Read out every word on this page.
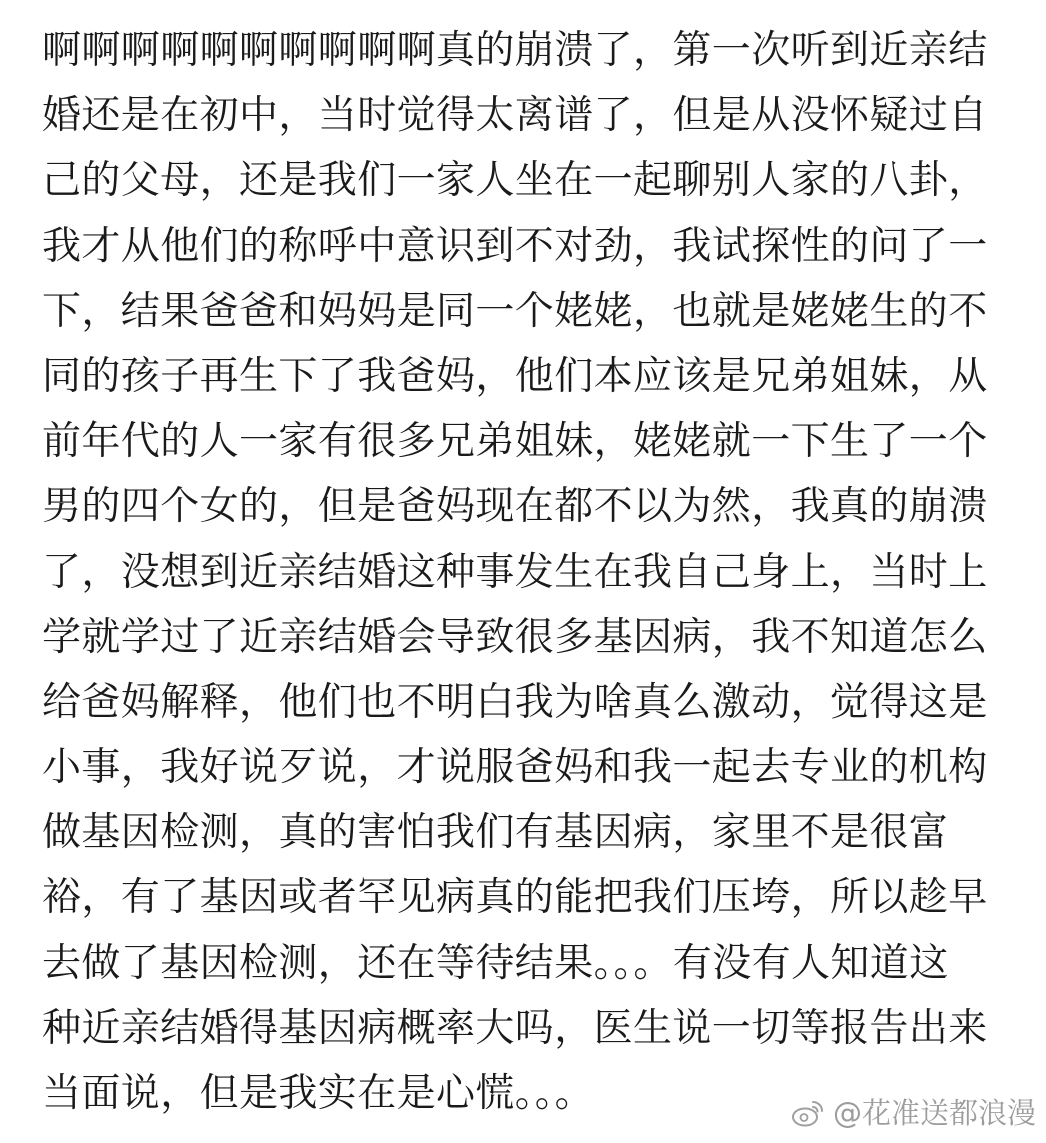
啊啊啊啊啊啊啊啊啊啊真的崩溃了，第一次听到近亲结
婚还是在初中，当时觉得太离谱了，但是从没怀疑过自
己的父母，还是我们一家人坐在一起聊别人家的八卦，
我才从他们的称呼中意识到不对劲，我试探性的问了一
下，结果爸爸和妈妈是同一个姥姥，也就是姥姥生的不
同的孩子再生下了我爸妈，他们本应该是兄弟姐妹，从
前年代的人一家有很多兄弟姐妹，姥姥就一下生了一个
男的四个女的，但是爸妈现在都不以为然，我真的崩溃
了，没想到近亲结婚这种事发生在我自己身上，当时上
学就学过了近亲结婚会导致很多基因病，我不知道怎么
给爸妈解释，他们也不明白我为啥真么激动，觉得这是
小事，我好说歹说，才说服爸妈和我一起去专业的机构
做基因检测，真的害怕我们有基因病，家里不是很富
裕，有了基因或者罕见病真的能把我们压垮，所以趁早
去做了基因检测，还在等待结果。。。有没有人知道这
种近亲结婚得基因病概率大吗，医生说一切等报告出来
当面说，但是我实在是心慌。。。	@花准送都浪漫
